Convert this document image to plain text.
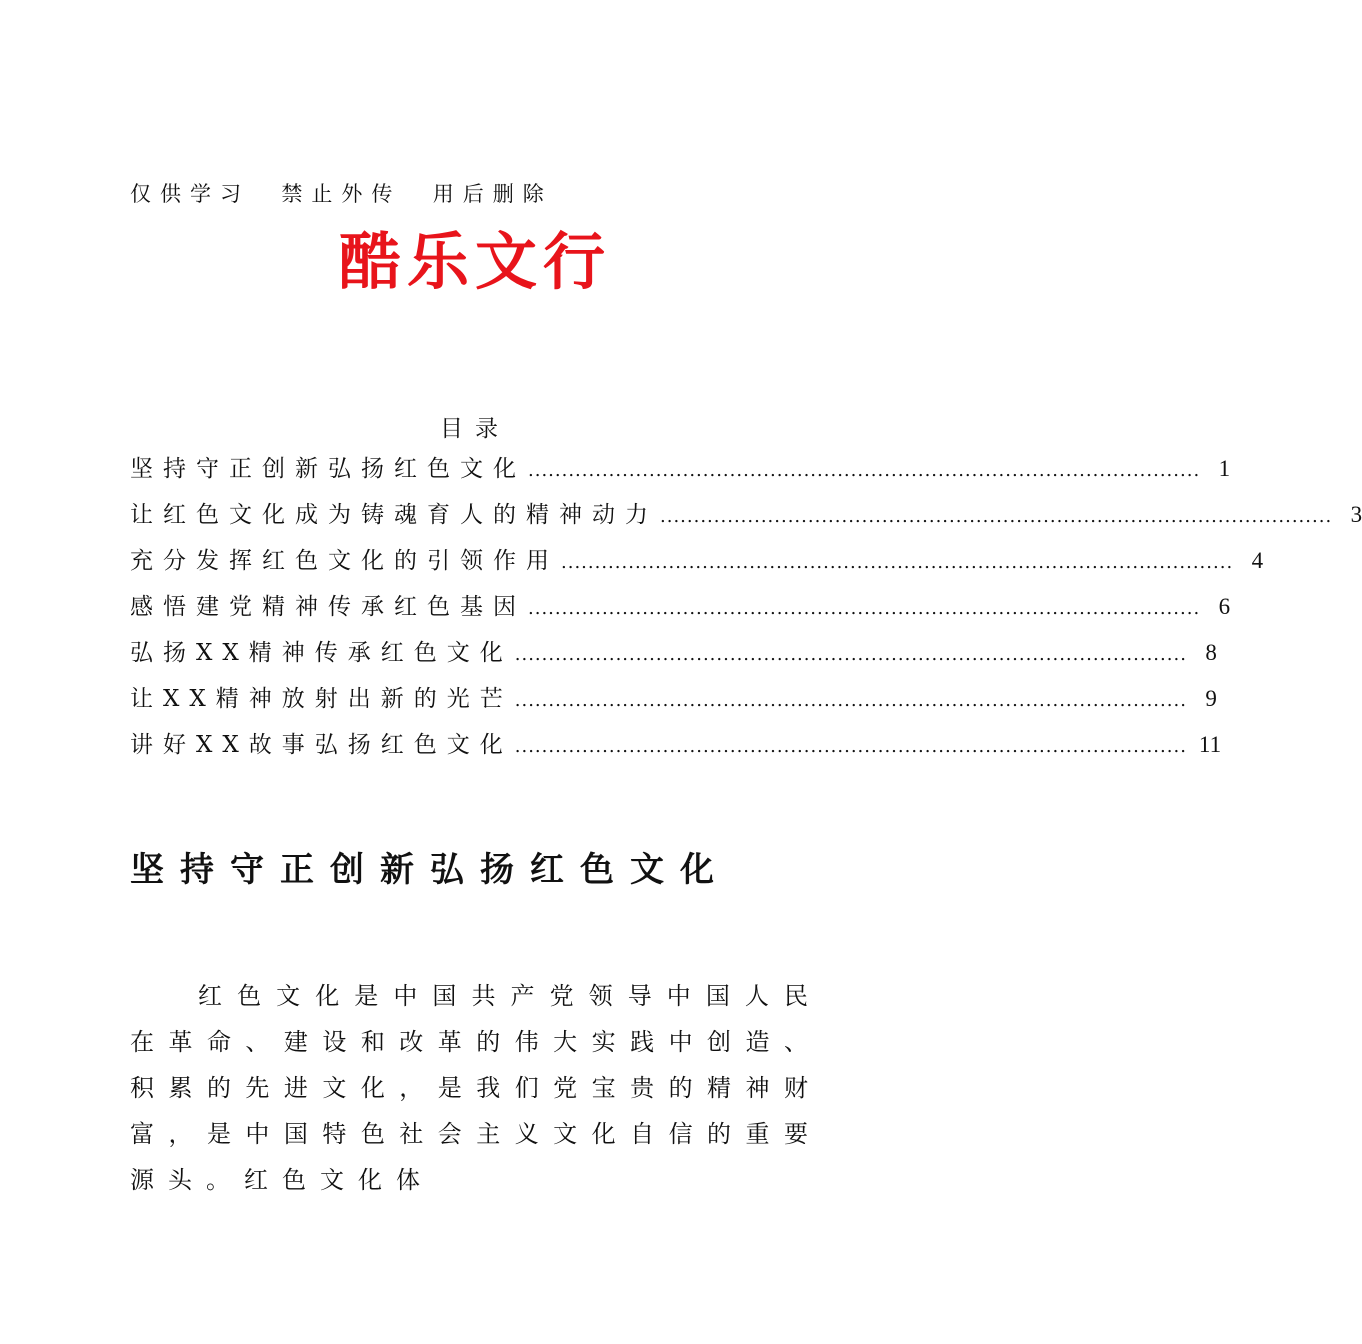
仅供学习  禁止外传  用后删除
酷乐文行
目录
坚持守正创新弘扬红色文化 .................................................................................................... 1
让红色文化成为铸魂育人的精神动力 .................................................................................................... 3
充分发挥红色文化的引领作用 .................................................................................................... 4
感悟建党精神传承红色基因 .................................................................................................... 6
弘扬XX精神传承红色文化 .................................................................................................... 8
让XX精神放射出新的光芒 .................................................................................................... 9
讲好XX故事弘扬红色文化 .................................................................................................... 11
坚持守正创新弘扬红色文化

红色文化是中国共产党领导中国人民在革命、建设和改革的伟大实践中创造、积累的先进文化，是我们党宝贵的精神财富，是中国特色社会主义文化自信的重要源头。红色文化体
